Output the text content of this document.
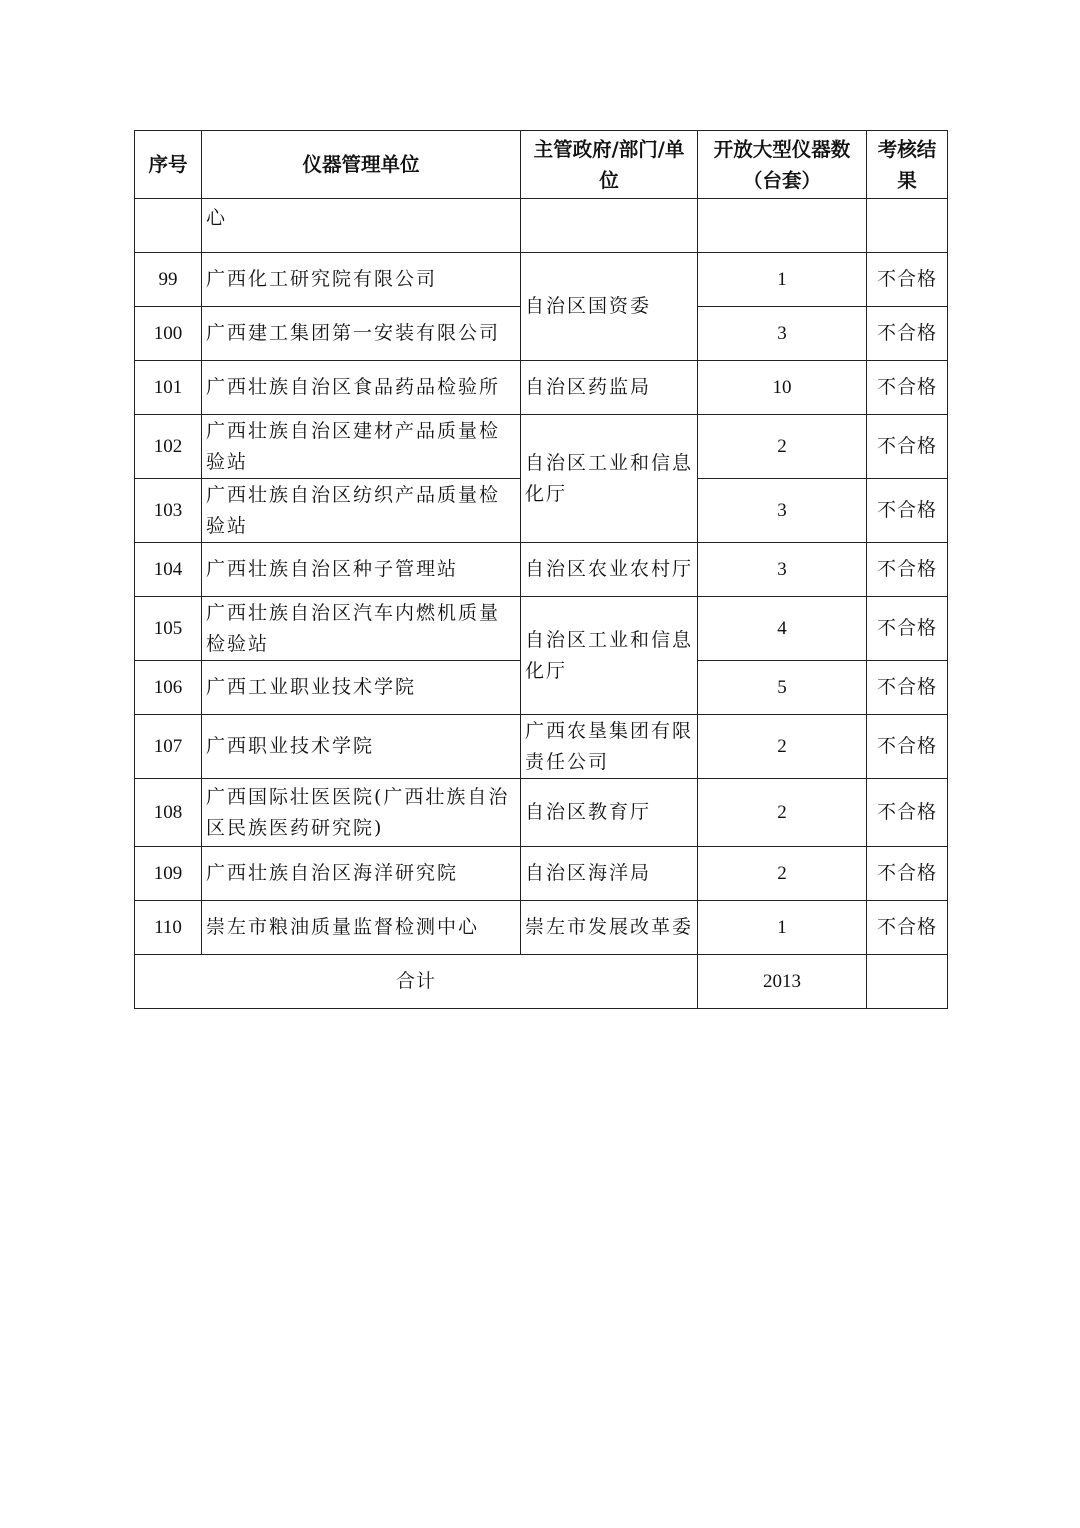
序号	仪器管理单位	主管政府/部门/单位	开放大型仪器数（台套）	考核结果
	心			
99	广西化工研究院有限公司	自治区国资委	1	不合格
100	广西建工集团第一安装有限公司		3	不合格
101	广西壮族自治区食品药品检验所	自治区药监局	10	不合格
102	广西壮族自治区建材产品质量检验站	自治区工业和信息化厅	2	不合格
103	广西壮族自治区纺织产品质量检验站		3	不合格
104	广西壮族自治区种子管理站	自治区农业农村厅	3	不合格
105	广西壮族自治区汽车内燃机质量检验站	自治区工业和信息化厅	4	不合格
106	广西工业职业技术学院		5	不合格
107	广西职业技术学院	广西农垦集团有限责任公司	2	不合格
108	广西国际壮医医院(广西壮族自治区民族医药研究院)	自治区教育厅	2	不合格
109	广西壮族自治区海洋研究院	自治区海洋局	2	不合格
110	崇左市粮油质量监督检测中心	崇左市发展改革委	1	不合格
合计			2013	
